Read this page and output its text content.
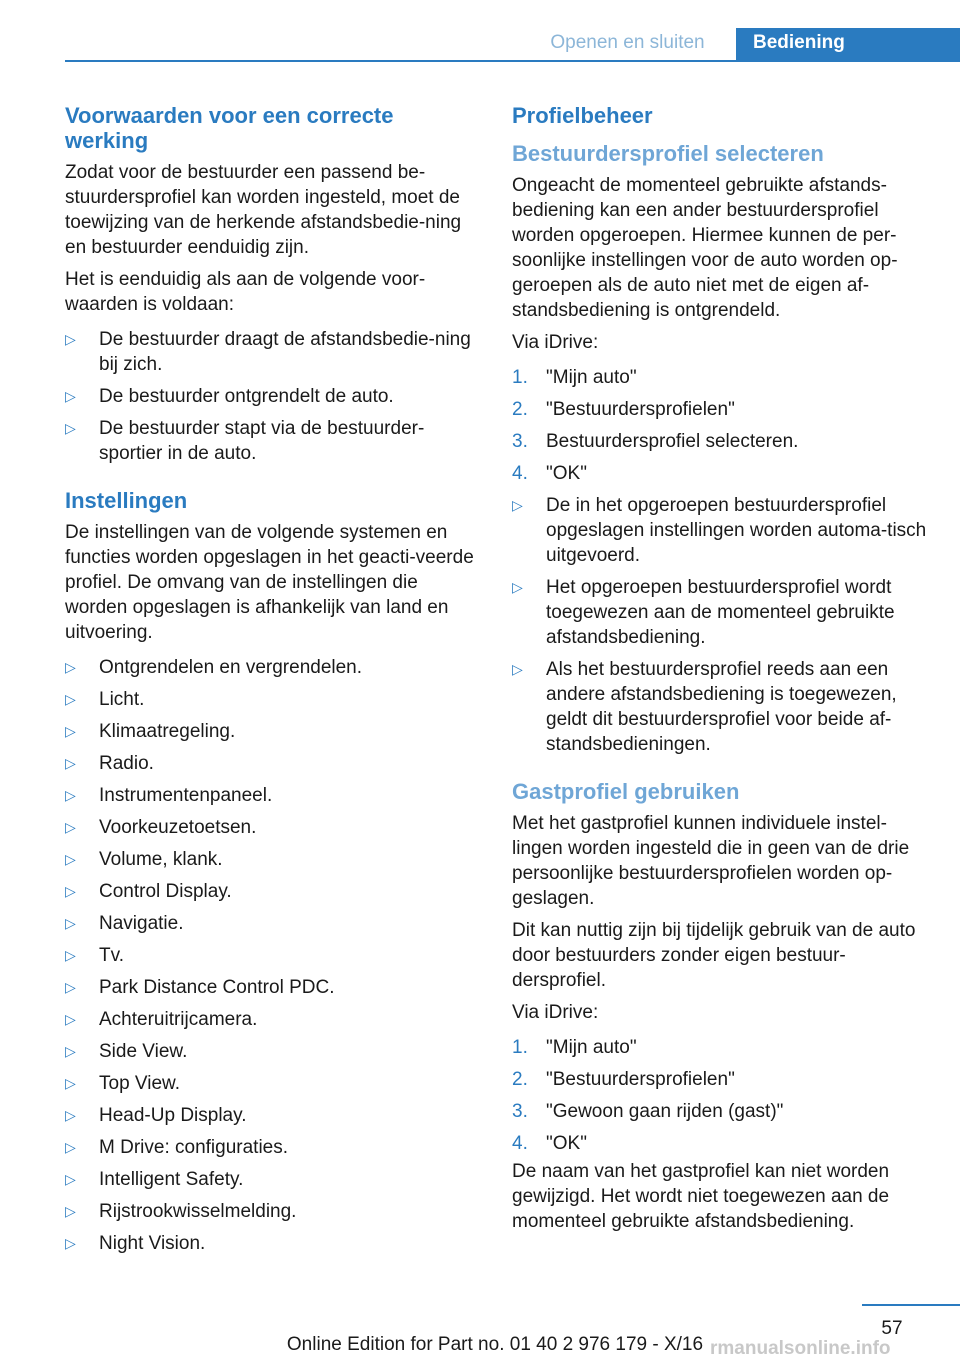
Openen en sluiten	Bediening
Voorwaarden voor een correcte werking

Zodat voor de bestuurder een passend be‐stuurdersprofiel kan worden ingesteld, moet de toewijzing van de herkende afstandsbedie‐ning en bestuurder eenduidig zijn.

Het is eenduidig als aan de volgende voor‐waarden is voldaan:

▷ De bestuurder draagt de afstandsbedie‐ning bij zich.
▷ De bestuurder ontgrendelt de auto.
▷ De bestuurder stapt via de bestuurder‐sportier in de auto.
Instellingen

De instellingen van de volgende systemen en functies worden opgeslagen in het geacti‐veerde profiel. De omvang van de instellingen die worden opgeslagen is afhankelijk van land en uitvoering.

▷ Ontgrendelen en vergrendelen.
▷ Licht.
▷ Klimaatregeling.
▷ Radio.
▷ Instrumentenpaneel.
▷ Voorkeuzetoetsen.
▷ Volume, klank.
▷ Control Display.
▷ Navigatie.
▷ Tv.
▷ Park Distance Control PDC.
▷ Achteruitrijcamera.
▷ Side View.
▷ Top View.
▷ Head-Up Display.
▷ M Drive: configuraties.
▷ Intelligent Safety.
▷ Rijstrookwisselmelding.
▷ Night Vision.
Profielbeheer
Bestuurdersprofiel selecteren

Ongeacht de momenteel gebruikte afstands‐bediening kan een ander bestuurdersprofiel worden opgeroepen. Hiermee kunnen de per‐soonlijke instellingen voor de auto worden op‐geroepen als de auto niet met de eigen af‐standsbediening is ontgrendeld.

Via iDrive:

1. "Mijn auto"
2. "Bestuurdersprofielen"
3. Bestuurdersprofiel selecteren.
4. "OK"
▷ De in het opgeroepen bestuurdersprofiel opgeslagen instellingen worden automa‐tisch uitgevoerd.
▷ Het opgeroepen bestuurdersprofiel wordt toegewezen aan de momenteel gebruikte afstandsbediening.
▷ Als het bestuurdersprofiel reeds aan een andere afstandsbediening is toegewezen, geldt dit bestuurdersprofiel voor beide af‐standsbedieningen.
Gastprofiel gebruiken

Met het gastprofiel kunnen individuele instel‐lingen worden ingesteld die in geen van de drie persoonlijke bestuurdersprofielen worden op‐geslagen.

Dit kan nuttig zijn bij tijdelijk gebruik van de auto door bestuurders zonder eigen bestuur‐dersprofiel.

Via iDrive:

1. "Mijn auto"
2. "Bestuurdersprofielen"
3. "Gewoon gaan rijden (gast)"
4. "OK"

De naam van het gastprofiel kan niet worden gewijzigd. Het wordt niet toegewezen aan de momenteel gebruikte afstandsbediening.

57
Online Edition for Part no. 01 40 2 976 179 - X/16 rmanualsonline.info
